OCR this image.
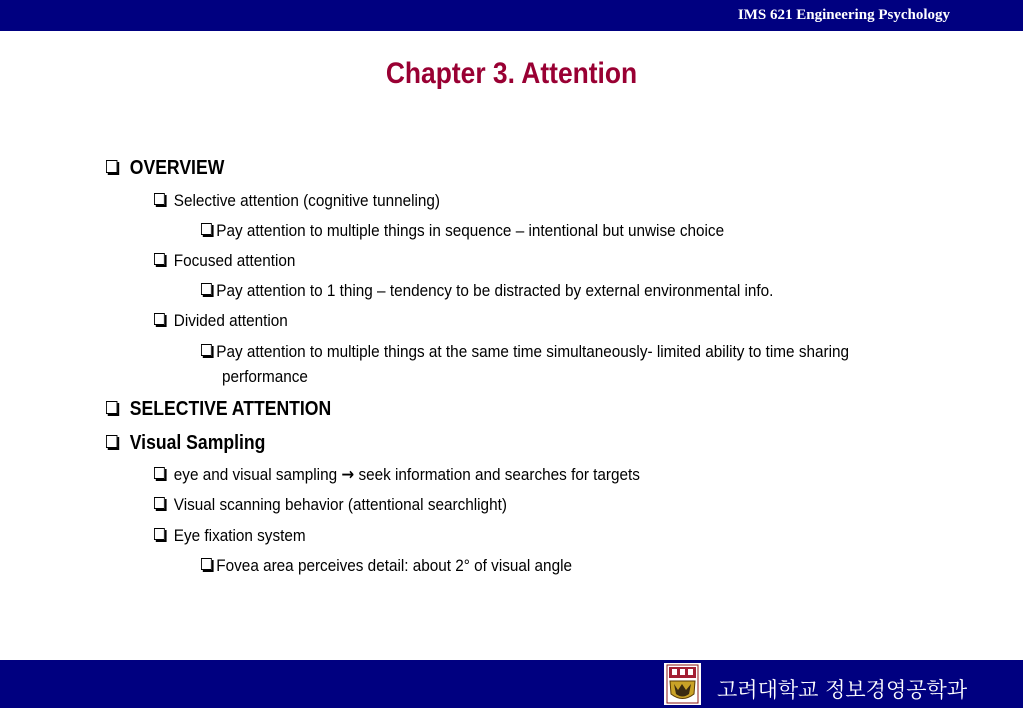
IMS 621 Engineering Psychology
Chapter 3. Attention
OVERVIEW
Selective attention (cognitive tunneling)
Pay attention to multiple things in sequence – intentional but unwise choice
Focused attention
Pay attention to 1 thing – tendency to be distracted by external environmental info.
Divided attention
Pay attention to multiple things at the same time simultaneously- limited ability to time sharing
performance
SELECTIVE ATTENTION
Visual Sampling
eye and visual sampling → seek information and searches for targets
Visual scanning behavior (attentional searchlight)
Eye fixation system
Fovea area perceives detail: about 2° of visual angle
고려대학교 정보경영공학과
